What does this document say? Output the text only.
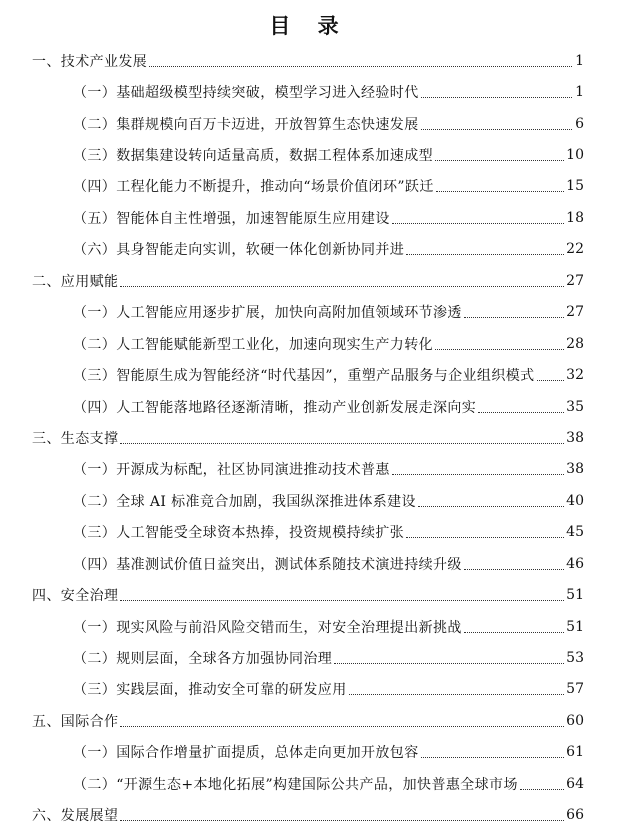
目 录
一、技术产业发展	1
（一）基础超级模型持续突破，模型学习进入经验时代	1
（二）集群规模向百万卡迈进，开放智算生态快速发展	6
（三）数据集建设转向适量高质，数据工程体系加速成型	10
（四）工程化能力不断提升，推动向“场景价值闭环”跃迁	15
（五）智能体自主性增强，加速智能原生应用建设	18
（六）具身智能走向实训，软硬一体化创新协同并进	22
二、应用赋能	27
（一）人工智能应用逐步扩展，加快向高附加值领域环节渗透	27
（二）人工智能赋能新型工业化，加速向现实生产力转化	28
（三）智能原生成为智能经济“时代基因”，重塑产品服务与企业组织模式 32
（四）人工智能落地路径逐渐清晰，推动产业创新发展走深向实	35
三、生态支撑	38
（一）开源成为标配，社区协同演进推动技术普惠	38
（二）全球 AI 标准竞合加剧，我国纵深推进体系建设	40
（三）人工智能受全球资本热捧，投资规模持续扩张	45
（四）基准测试价值日益突出，测试体系随技术演进持续升级	46
四、安全治理	51
（一）现实风险与前沿风险交错而生，对安全治理提出新挑战	51
（二）规则层面，全球各方加强协同治理	53
（三）实践层面，推动安全可靠的研发应用	57
五、国际合作	60
（一）国际合作增量扩面提质，总体走向更加开放包容	61
（二）“开源生态+本地化拓展”构建国际公共产品，加快普惠全球市场	64
六、发展展望	66
